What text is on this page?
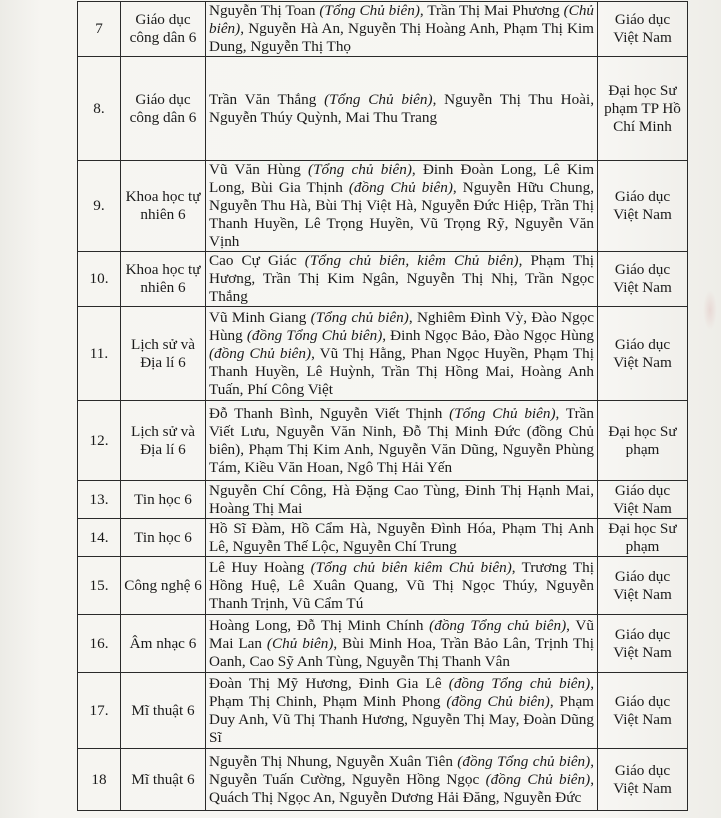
7	Giáo dục công dân 6	Nguyễn Thị Toan (Tổng Chủ biên), Trần Thị Mai Phương (Chủ biên), Nguyễn Hà An, Nguyễn Thị Hoàng Anh, Phạm Thị Kim Dung, Nguyễn Thị Thọ	Giáo dục Việt Nam
8.	Giáo dục công dân 6	Trần Văn Thắng (Tổng Chủ biên), Nguyễn Thị Thu Hoài, Nguyễn Thúy Quỳnh, Mai Thu Trang	Đại học Sư phạm TP Hồ Chí Minh
9.	Khoa học tự nhiên 6	Vũ Văn Hùng (Tổng chủ biên), Đinh Đoàn Long, Lê Kim Long, Bùi Gia Thịnh (đồng Chủ biên), Nguyễn Hữu Chung, Nguyễn Thu Hà, Bùi Thị Việt Hà, Nguyễn Đức Hiệp, Trần Thị Thanh Huyền, Lê Trọng Huyền, Vũ Trọng Rỹ, Nguyễn Văn Vịnh	Giáo dục Việt Nam
10.	Khoa học tự nhiên 6	Cao Cự Giác (Tổng chủ biên, kiêm Chủ biên), Phạm Thị Hương, Trần Thị Kim Ngân, Nguyễn Thị Nhị, Trần Ngọc Thắng	Giáo dục Việt Nam
11.	Lịch sử và Địa lí 6	Vũ Minh Giang (Tổng chủ biên), Nghiêm Đình Vỳ, Đào Ngọc Hùng (đồng Tổng Chủ biên), Đinh Ngọc Bảo, Đào Ngọc Hùng (đồng Chủ biên), Vũ Thị Hằng, Phan Ngọc Huyền, Phạm Thị Thanh Huyền, Lê Huỳnh, Trần Thị Hồng Mai, Hoàng Anh Tuấn, Phí Công Việt	Giáo dục Việt Nam
12.	Lịch sử và Địa lí 6	Đỗ Thanh Bình, Nguyễn Viết Thịnh (Tổng Chủ biên), Trần Viết Lưu, Nguyễn Văn Ninh, Đỗ Thị Minh Đức (đồng Chủ biên), Phạm Thị Kim Anh, Nguyễn Văn Dũng, Nguyễn Phùng Tám, Kiều Văn Hoan, Ngô Thị Hải Yến	Đại học Sư phạm
13.	Tin học 6	Nguyễn Chí Công, Hà Đặng Cao Tùng, Đinh Thị Hạnh Mai, Hoàng Thị Mai	Giáo dục Việt Nam
14.	Tin học 6	Hồ Sĩ Đàm, Hồ Cẩm Hà, Nguyễn Đình Hóa, Phạm Thị Anh Lê, Nguyễn Thế Lộc, Nguyễn Chí Trung	Đại học Sư phạm
15.	Công nghệ 6	Lê Huy Hoàng (Tổng chủ biên kiêm Chủ biên), Trương Thị Hồng Huệ, Lê Xuân Quang, Vũ Thị Ngọc Thúy, Nguyễn Thanh Trịnh, Vũ Cẩm Tú	Giáo dục Việt Nam
16.	Âm nhạc 6	Hoàng Long, Đỗ Thị Minh Chính (đồng Tổng chủ biên), Vũ Mai Lan (Chủ biên), Bùi Minh Hoa, Trần Bảo Lân, Trịnh Thị Oanh, Cao Sỹ Anh Tùng, Nguyễn Thị Thanh Vân	Giáo dục Việt Nam
17.	Mĩ thuật 6	Đoàn Thị Mỹ Hương, Đinh Gia Lê (đồng Tổng chủ biên), Phạm Thị Chinh, Phạm Minh Phong (đồng Chủ biên), Phạm Duy Anh, Vũ Thị Thanh Hương, Nguyễn Thị May, Đoàn Dũng Sĩ	Giáo dục Việt Nam
18	Mĩ thuật 6	Nguyễn Thị Nhung, Nguyễn Xuân Tiên (đồng Tổng chủ biên), Nguyễn Tuấn Cường, Nguyễn Hồng Ngọc (đồng Chủ biên), Quách Thị Ngọc An, Nguyễn Dương Hải Đăng, Nguyễn Đức	Giáo dục Việt Nam
